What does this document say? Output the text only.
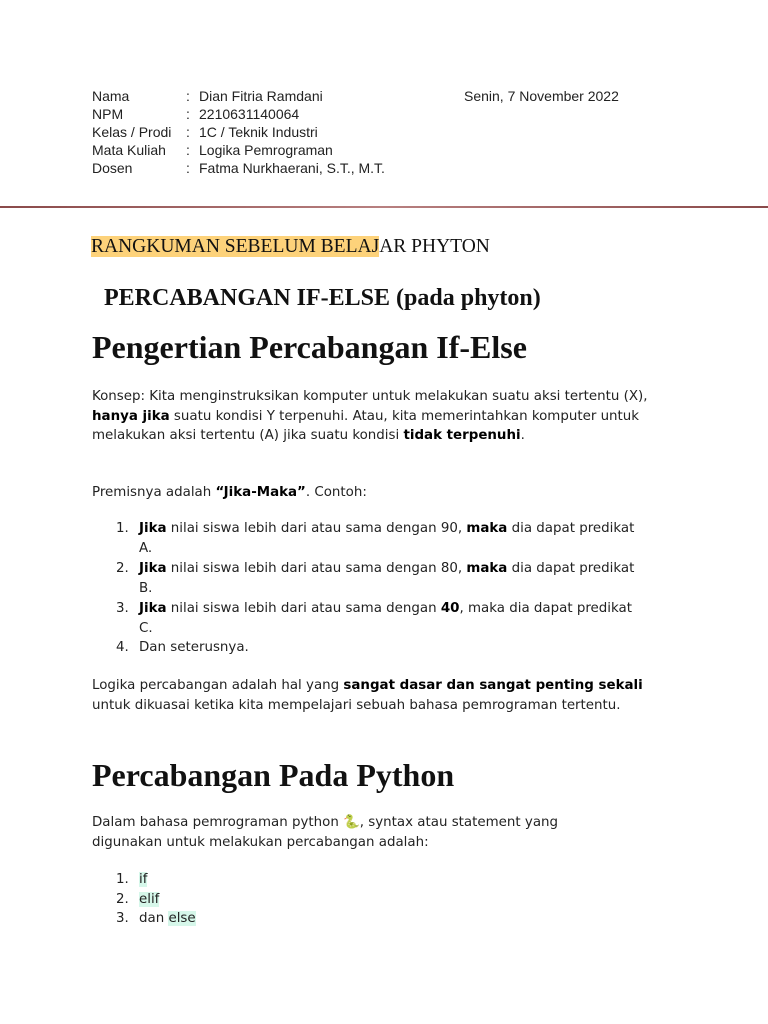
Nama	: Dian Fitria Ramdani
NPM	: 2210631140064
Kelas / Prodi : 1C / Teknik Industri
Mata Kuliah : Logika Pemrograman
Dosen	: Fatma Nurkhaerani, S.T., M.T.
Senin, 7 November 2022
RANGKUMAN SEBELUM BELAJAR PHYTON
PERCABANGAN IF-ELSE (pada phyton)
Pengertian Percabangan If-Else
Konsep: Kita menginstruksikan komputer untuk melakukan suatu aksi tertentu (X), hanya jika suatu kondisi Y terpenuhi. Atau, kita memerintahkan komputer untuk melakukan aksi tertentu (A) jika suatu kondisi tidak terpenuhi.
Premisnya adalah “Jika-Maka”. Contoh:
1. Jika nilai siswa lebih dari atau sama dengan 90, maka dia dapat predikat A.
2. Jika nilai siswa lebih dari atau sama dengan 80, maka dia dapat predikat B.
3. Jika nilai siswa lebih dari atau sama dengan 40, maka dia dapat predikat C.
4. Dan seterusnya.
Logika percabangan adalah hal yang sangat dasar dan sangat penting sekali untuk dikuasai ketika kita mempelajari sebuah bahasa pemrograman tertentu.
Percabangan Pada Python
Dalam bahasa pemrograman python 🐍, syntax atau statement yang digunakan untuk melakukan percabangan adalah:
1. if
2. elif
3. dan else
